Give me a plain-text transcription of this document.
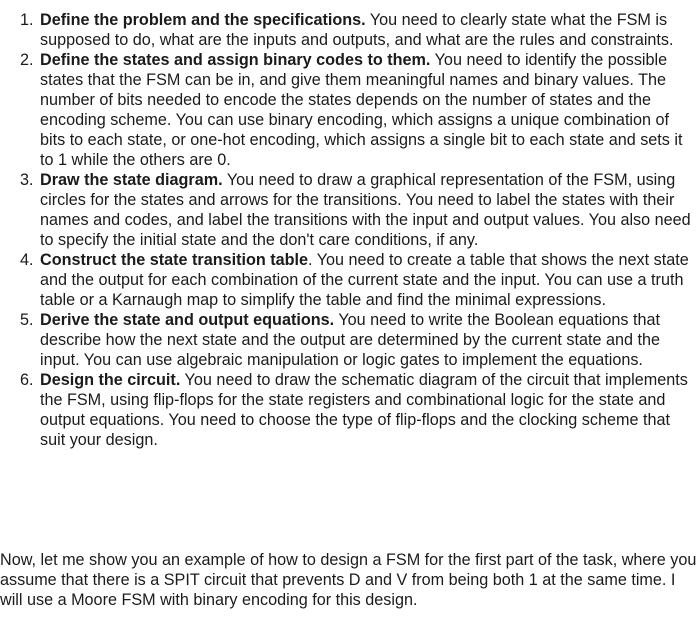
1. Define the problem and the specifications. You need to clearly state what the FSM is supposed to do, what are the inputs and outputs, and what are the rules and constraints.
2. Define the states and assign binary codes to them. You need to identify the possible states that the FSM can be in, and give them meaningful names and binary values. The number of bits needed to encode the states depends on the number of states and the encoding scheme. You can use binary encoding, which assigns a unique combination of bits to each state, or one-hot encoding, which assigns a single bit to each state and sets it to 1 while the others are 0.
3. Draw the state diagram. You need to draw a graphical representation of the FSM, using circles for the states and arrows for the transitions. You need to label the states with their names and codes, and label the transitions with the input and output values. You also need to specify the initial state and the don't care conditions, if any.
4. Construct the state transition table. You need to create a table that shows the next state and the output for each combination of the current state and the input. You can use a truth table or a Karnaugh map to simplify the table and find the minimal expressions.
5. Derive the state and output equations. You need to write the Boolean equations that describe how the next state and the output are determined by the current state and the input. You can use algebraic manipulation or logic gates to implement the equations.
6. Design the circuit. You need to draw the schematic diagram of the circuit that implements the FSM, using flip-flops for the state registers and combinational logic for the state and output equations. You need to choose the type of flip-flops and the clocking scheme that suit your design.

Now, let me show you an example of how to design a FSM for the first part of the task, where you assume that there is a SPIT circuit that prevents D and V from being both 1 at the same time. I will use a Moore FSM with binary encoding for this design.
